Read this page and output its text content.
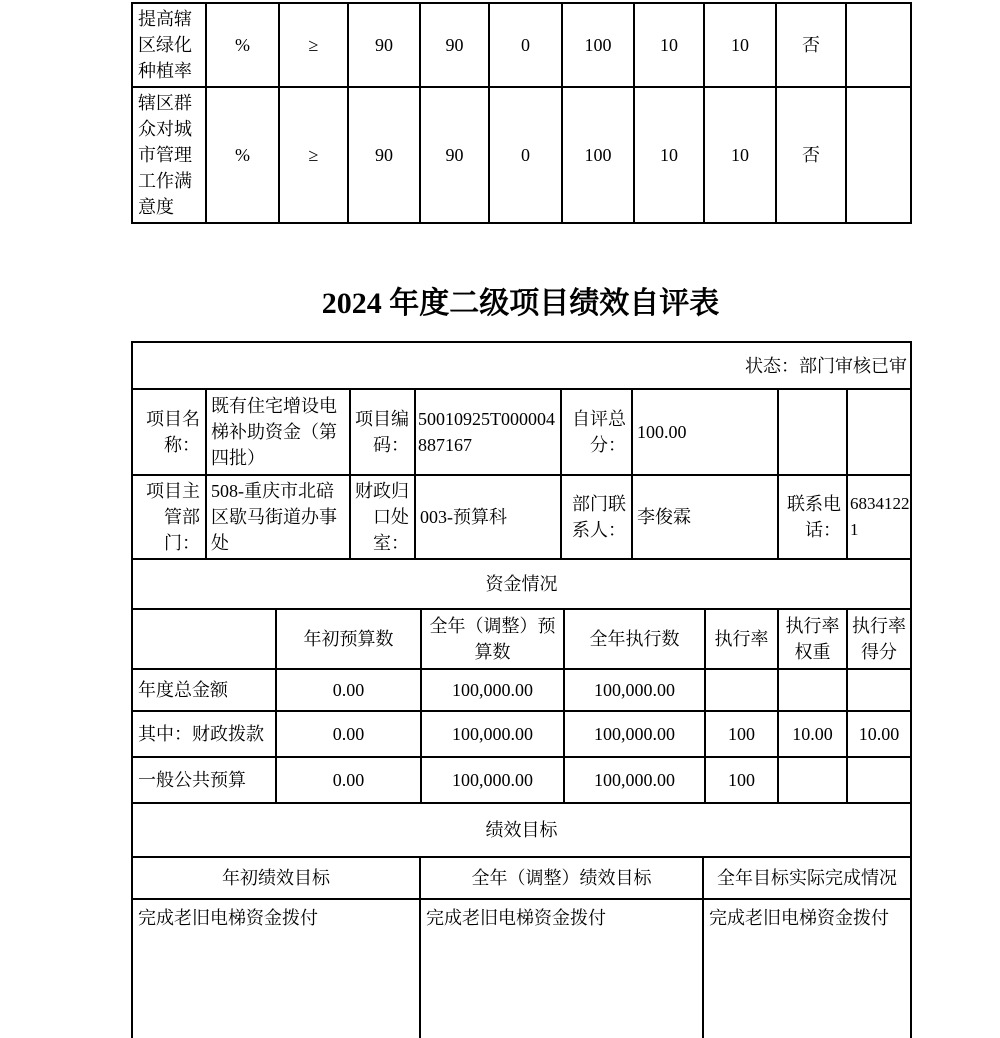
提高辖区绿化种植率	%	≥	90	90	0	100	10	10	否	
辖区群众对城市管理工作满意度	%	≥	90	90	0	100	10	10	否	
2024 年度二级项目绩效自评表
状态：部门审核已审							
项目名称：	既有住宅增设电梯补助资金（第四批）	项目编码：	50010925T000004887167	自评总分：	100.00		
项目主管部门：	508-重庆市北碚区歇马街道办事处	财政归口处室：	003-预算科	部门联系人：	李俊霖	联系电话：	68341221
资金情况						
	年初预算数	全年（调整）预算数	全年执行数	执行率	执行率权重	执行率得分
年度总金额	0.00	100,000.00	100,000.00			
其中：财政拨款	0.00	100,000.00	100,000.00	100	10.00	10.00
一般公共预算	0.00	100,000.00	100,000.00	100		
绩效目标		
年初绩效目标	全年（调整）绩效目标	全年目标实际完成情况
完成老旧电梯资金拨付	完成老旧电梯资金拨付	完成老旧电梯资金拨付
